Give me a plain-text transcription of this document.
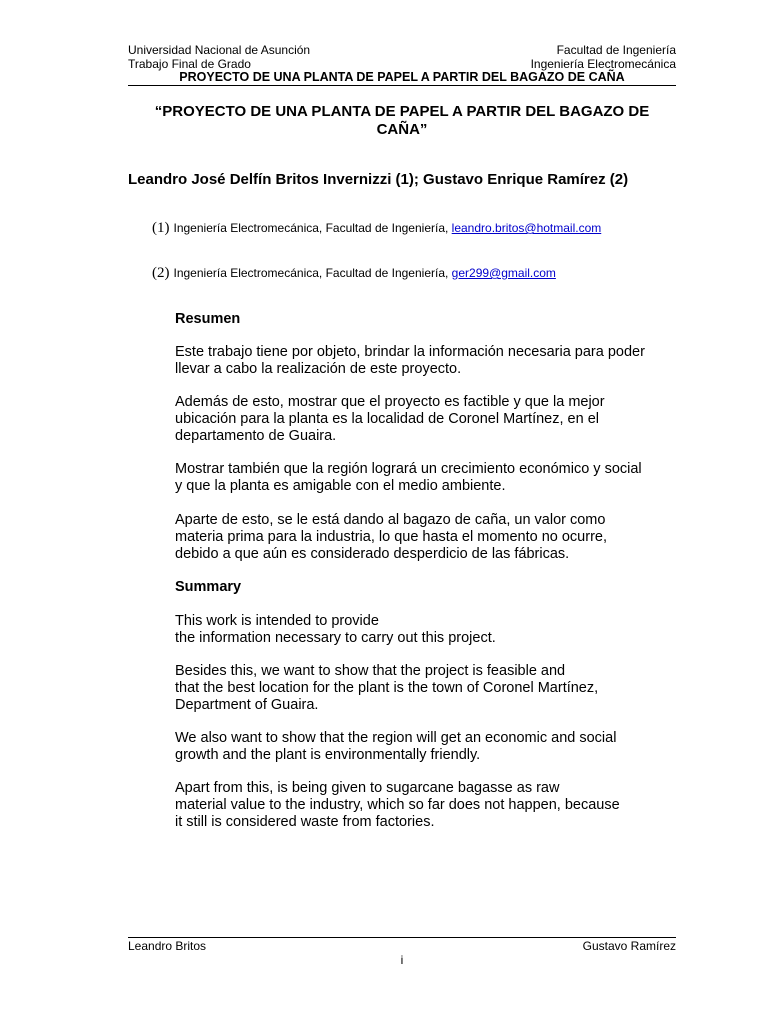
Universidad Nacional de Asunción	Facultad de Ingeniería
Trabajo Final de Grado	Ingeniería Electromecánica
PROYECTO DE UNA PLANTA DE PAPEL A PARTIR DEL BAGAZO DE CAÑA
“PROYECTO DE UNA PLANTA DE PAPEL A PARTIR DEL BAGAZO DE CAÑA”
Leandro José Delfín Britos Invernizzi (1); Gustavo Enrique Ramírez (2)
(1) Ingeniería Electromecánica, Facultad de Ingeniería, leandro.britos@hotmail.com
(2) Ingeniería Electromecánica, Facultad de Ingeniería, ger299@gmail.com
Resumen
Este trabajo tiene por objeto, brindar la información necesaria para poder
llevar a cabo la realización de este proyecto.
Además de esto, mostrar que el proyecto es factible y que la mejor
ubicación para la planta es la localidad de Coronel Martínez, en el
departamento de Guaira.
Mostrar también que la región logrará un crecimiento económico y social
y que la planta es amigable con el medio ambiente.
Aparte de esto, se le está dando al bagazo de caña, un valor como
materia prima para la industria, lo que hasta el momento no ocurre,
debido a que aún es considerado desperdicio de las fábricas.
Summary
This work is intended to provide
the information necessary to carry out this project.
Besides this, we want to show that the project is feasible and
that the best location for the plant is the town of Coronel Martínez,
Department of Guaira.
We also want to show that the region will get an economic and social
growth and the plant is environmentally friendly.
Apart from this, is being given to sugarcane bagasse as raw
material value to the industry, which so far does not happen, because
it still is considered waste from factories.
Leandro Britos	Gustavo Ramírez
i
